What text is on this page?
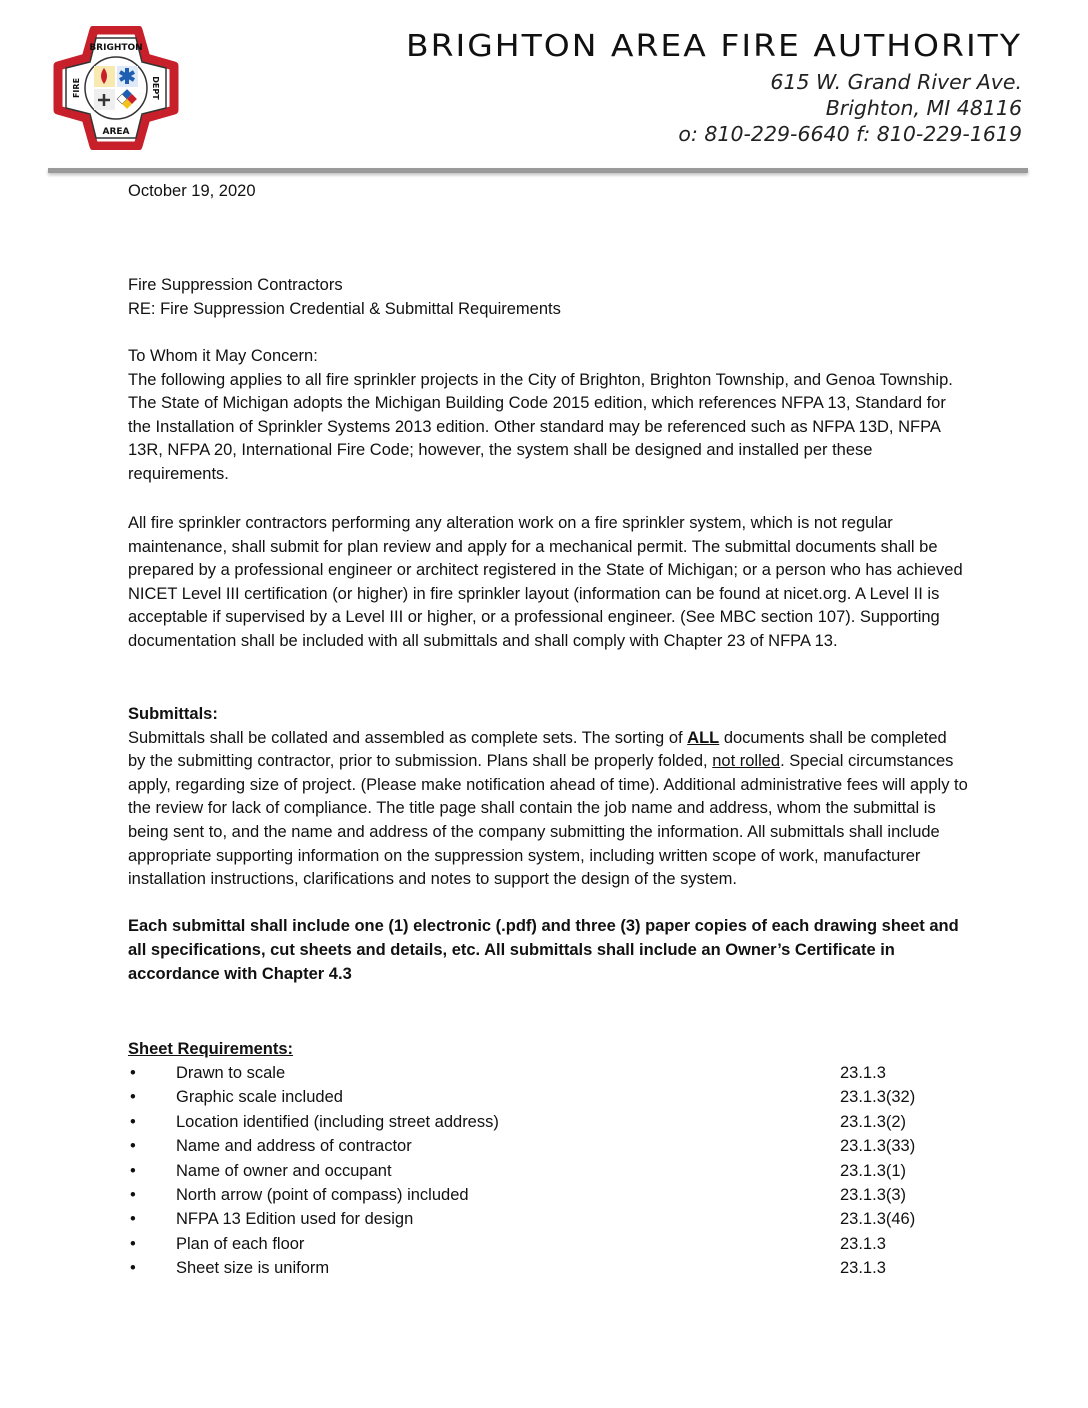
BRIGHTON
FIRE	DEPT
AREA
BRIGHTON AREA FIRE AUTHORITY
615 W. Grand River Ave.
Brighton, MI 48116
o: 810-229-6640 f: 810-229-1619
October 19, 2020

Fire Suppression Contractors

RE: Fire Suppression Credential & Submittal Requirements

To Whom it May Concern:

The following applies to all fire sprinkler projects in the City of Brighton, Brighton Township, and Genoa Township. The State of Michigan adopts the Michigan Building Code 2015 edition, which references NFPA 13, Standard for the Installation of Sprinkler Systems 2013 edition. Other standard may be referenced such as NFPA 13D, NFPA 13R, NFPA 20, International Fire Code; however, the system shall be designed and installed per these requirements.

All fire sprinkler contractors performing any alteration work on a fire sprinkler system, which is not regular maintenance, shall submit for plan review and apply for a mechanical permit. The submittal documents shall be prepared by a professional engineer or architect registered in the State of Michigan; or a person who has achieved NICET Level III certification (or higher) in fire sprinkler layout (information can be found at nicet.org. A Level II is acceptable if supervised by a Level III or higher, or a professional engineer. (See MBC section 107). Supporting documentation shall be included with all submittals and shall comply with Chapter 23 of NFPA 13.

Submittals:

Submittals shall be collated and assembled as complete sets. The sorting of ALL documents shall be completed by the submitting contractor, prior to submission. Plans shall be properly folded, not rolled. Special circumstances apply, regarding size of project. (Please make notification ahead of time). Additional administrative fees will apply to the review for lack of compliance. The title page shall contain the job name and address, whom the submittal is being sent to, and the name and address of the company submitting the information. All submittals shall include appropriate supporting information on the suppression system, including written scope of work, manufacturer installation instructions, clarifications and notes to support the design of the system.

Each submittal shall include one (1) electronic (.pdf) and three (3) paper copies of each drawing sheet and all specifications, cut sheets and details, etc. All submittals shall include an Owner’s Certificate in accordance with Chapter 4.3

Sheet Requirements:
• Drawn to scale	23.1.3
• Graphic scale included	23.1.3(32)
• Location identified (including street address)	23.1.3(2)
• Name and address of contractor	23.1.3(33)
• Name of owner and occupant	23.1.3(1)
• North arrow (point of compass) included	23.1.3(3)
• NFPA 13 Edition used for design	23.1.3(46)
• Plan of each floor	23.1.3
• Sheet size is uniform	23.1.3
